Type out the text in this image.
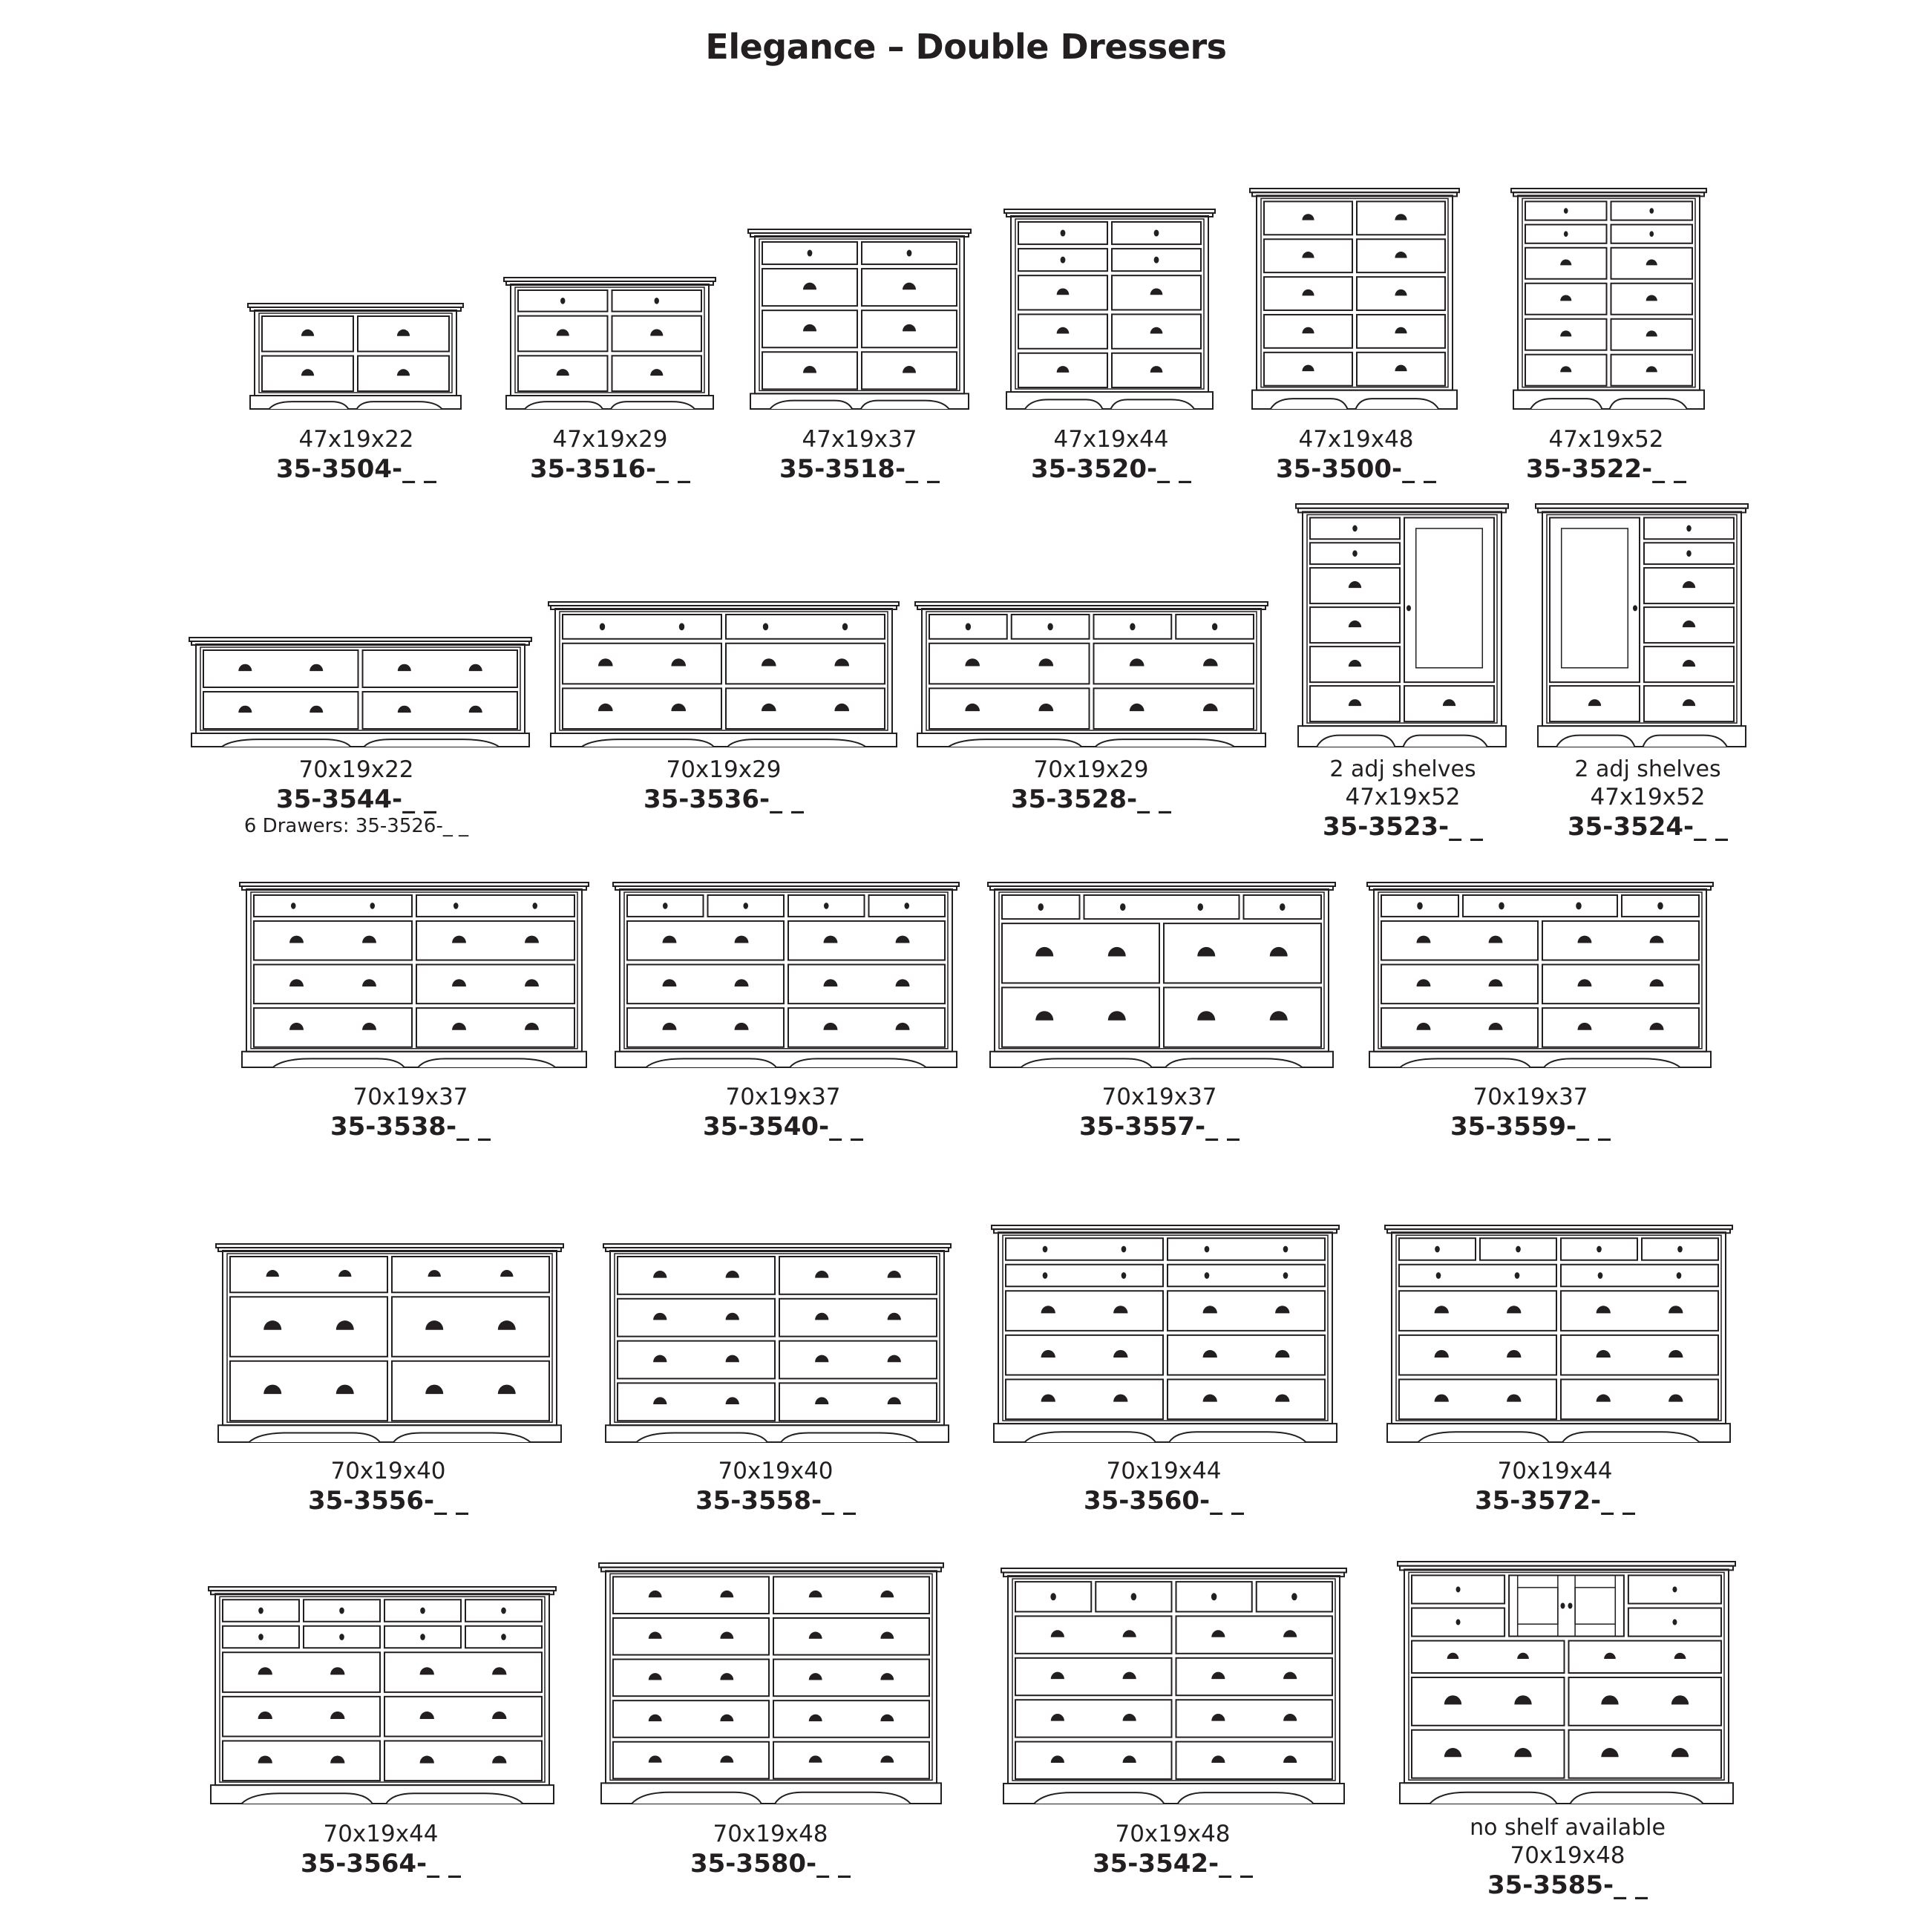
Elegance – Double Dressers
47x19x22
35-3504-_ _
47x19x29
35-3516-_ _
47x19x37
35-3518-_ _
47x19x44
35-3520-_ _
47x19x48
35-3500-_ _
47x19x52
35-3522-_ _
70x19x22
35-3544-_ _
6 Drawers: 35-3526-_ _
70x19x29
35-3536-_ _
70x19x29
35-3528-_ _
2 adj shelves
47x19x52
35-3523-_ _
2 adj shelves
47x19x52
35-3524-_ _
70x19x37
35-3538-_ _
70x19x37
35-3540-_ _
70x19x37
35-3557-_ _
70x19x37
35-3559-_ _
70x19x40
35-3556-_ _
70x19x40
35-3558-_ _
70x19x44
35-3560-_ _
70x19x44
35-3572-_ _
70x19x44
35-3564-_ _
70x19x48
35-3580-_ _
70x19x48
35-3542-_ _
no shelf available
70x19x48
35-3585-_ _
